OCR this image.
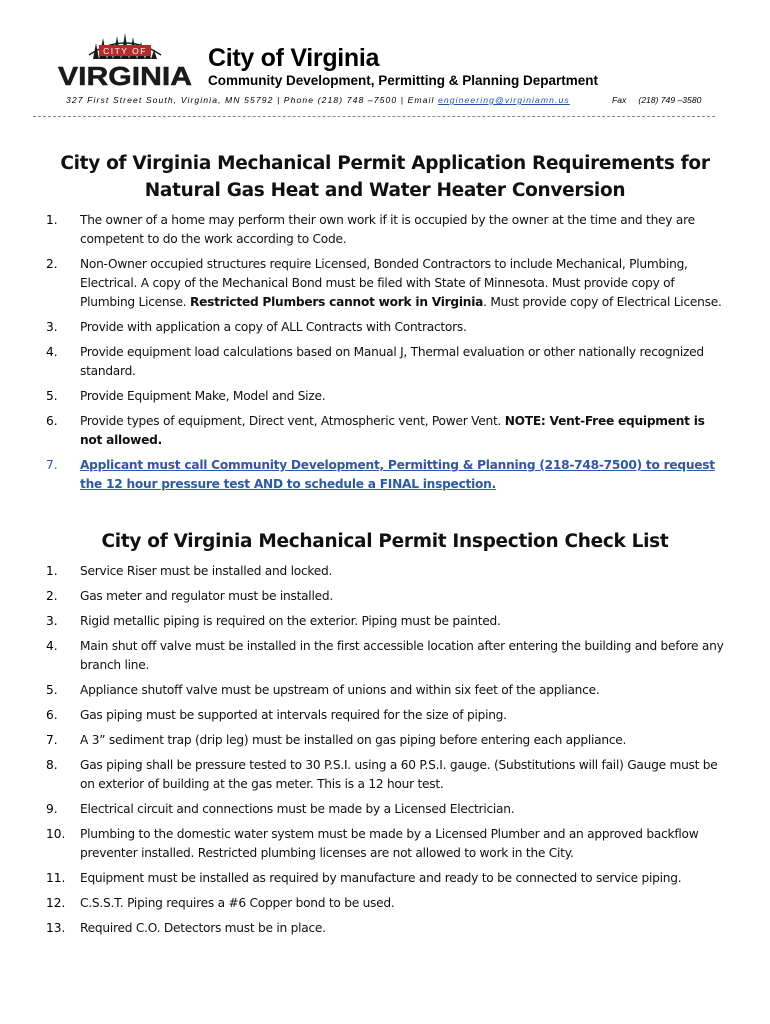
CITY OF
VIRGINIA
City of Virginia
Community Development, Permitting & Planning Department
327 First Street South, Virginia, MN 55792 | Phone (218) 748 –7500 | Email engineering@virginiamn.us	Fax (218) 749 –3580
City of Virginia Mechanical Permit Application Requirements for
Natural Gas Heat and Water Heater Conversion
1. The owner of a home may perform their own work if it is occupied by the owner at the time and they are competent to do the work according to Code.
2. Non-Owner occupied structures require Licensed, Bonded Contractors to include Mechanical, Plumbing, Electrical. A copy of the Mechanical Bond must be filed with State of Minnesota. Must provide copy of Plumbing License. Restricted Plumbers cannot work in Virginia. Must provide copy of Electrical License.
3. Provide with application a copy of ALL Contracts with Contractors.
4. Provide equipment load calculations based on Manual J, Thermal evaluation or other nationally recognized standard.
5. Provide Equipment Make, Model and Size.
6. Provide types of equipment, Direct vent, Atmospheric vent, Power Vent. NOTE: Vent-Free equipment is not allowed.
7. Applicant must call Community Development, Permitting & Planning (218-748-7500) to request the 12 hour pressure test AND to schedule a FINAL inspection.
City of Virginia Mechanical Permit Inspection Check List
1. Service Riser must be installed and locked.
2. Gas meter and regulator must be installed.
3. Rigid metallic piping is required on the exterior. Piping must be painted.
4. Main shut off valve must be installed in the first accessible location after entering the building and before any branch line.
5. Appliance shutoff valve must be upstream of unions and within six feet of the appliance.
6. Gas piping must be supported at intervals required for the size of piping.
7. A 3” sediment trap (drip leg) must be installed on gas piping before entering each appliance.
8. Gas piping shall be pressure tested to 30 P.S.I. using a 60 P.S.I. gauge. (Substitutions will fail) Gauge must be on exterior of building at the gas meter. This is a 12 hour test.
9. Electrical circuit and connections must be made by a Licensed Electrician.
10. Plumbing to the domestic water system must be made by a Licensed Plumber and an approved backflow preventer installed. Restricted plumbing licenses are not allowed to work in the City.
11. Equipment must be installed as required by manufacture and ready to be connected to service piping.
12. C.S.S.T. Piping requires a #6 Copper bond to be used.
13. Required C.O. Detectors must be in place.
